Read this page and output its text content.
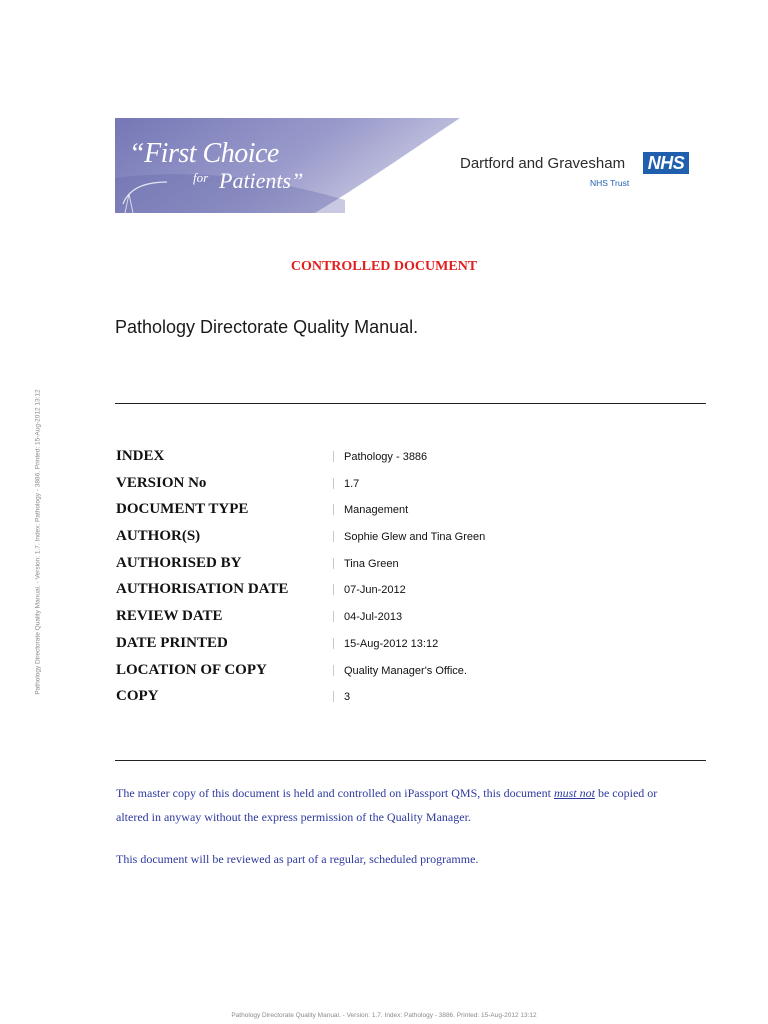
“First Choice
for Patients”
Dartford and Gravesham NHS
NHS Trust
CONTROLLED DOCUMENT
Pathology Directorate Quality Manual.
INDEX	Pathology - 3886
VERSION No	1.7
DOCUMENT TYPE	Management
AUTHOR(S)	Sophie Glew and Tina Green
AUTHORISED BY	Tina Green
AUTHORISATION DATE	07-Jun-2012
REVIEW DATE	04-Jul-2013
DATE PRINTED	15-Aug-2012 13:12
LOCATION OF COPY	Quality Manager's Office.
COPY	3
The master copy of this document is held and controlled on iPassport QMS, this document must not be copied or
altered in anyway without the express permission of the Quality Manager.
This document will be reviewed as part of a regular, scheduled programme.
Pathology Directorate Quality Manual. - Version: 1.7. Index: Pathology - 3886. Printed: 15-Aug-2012 13:12
Pathology Directorate Quality Manual. - Version: 1.7. Index: Pathology - 3886. Printed: 15-Aug-2012 13:12
